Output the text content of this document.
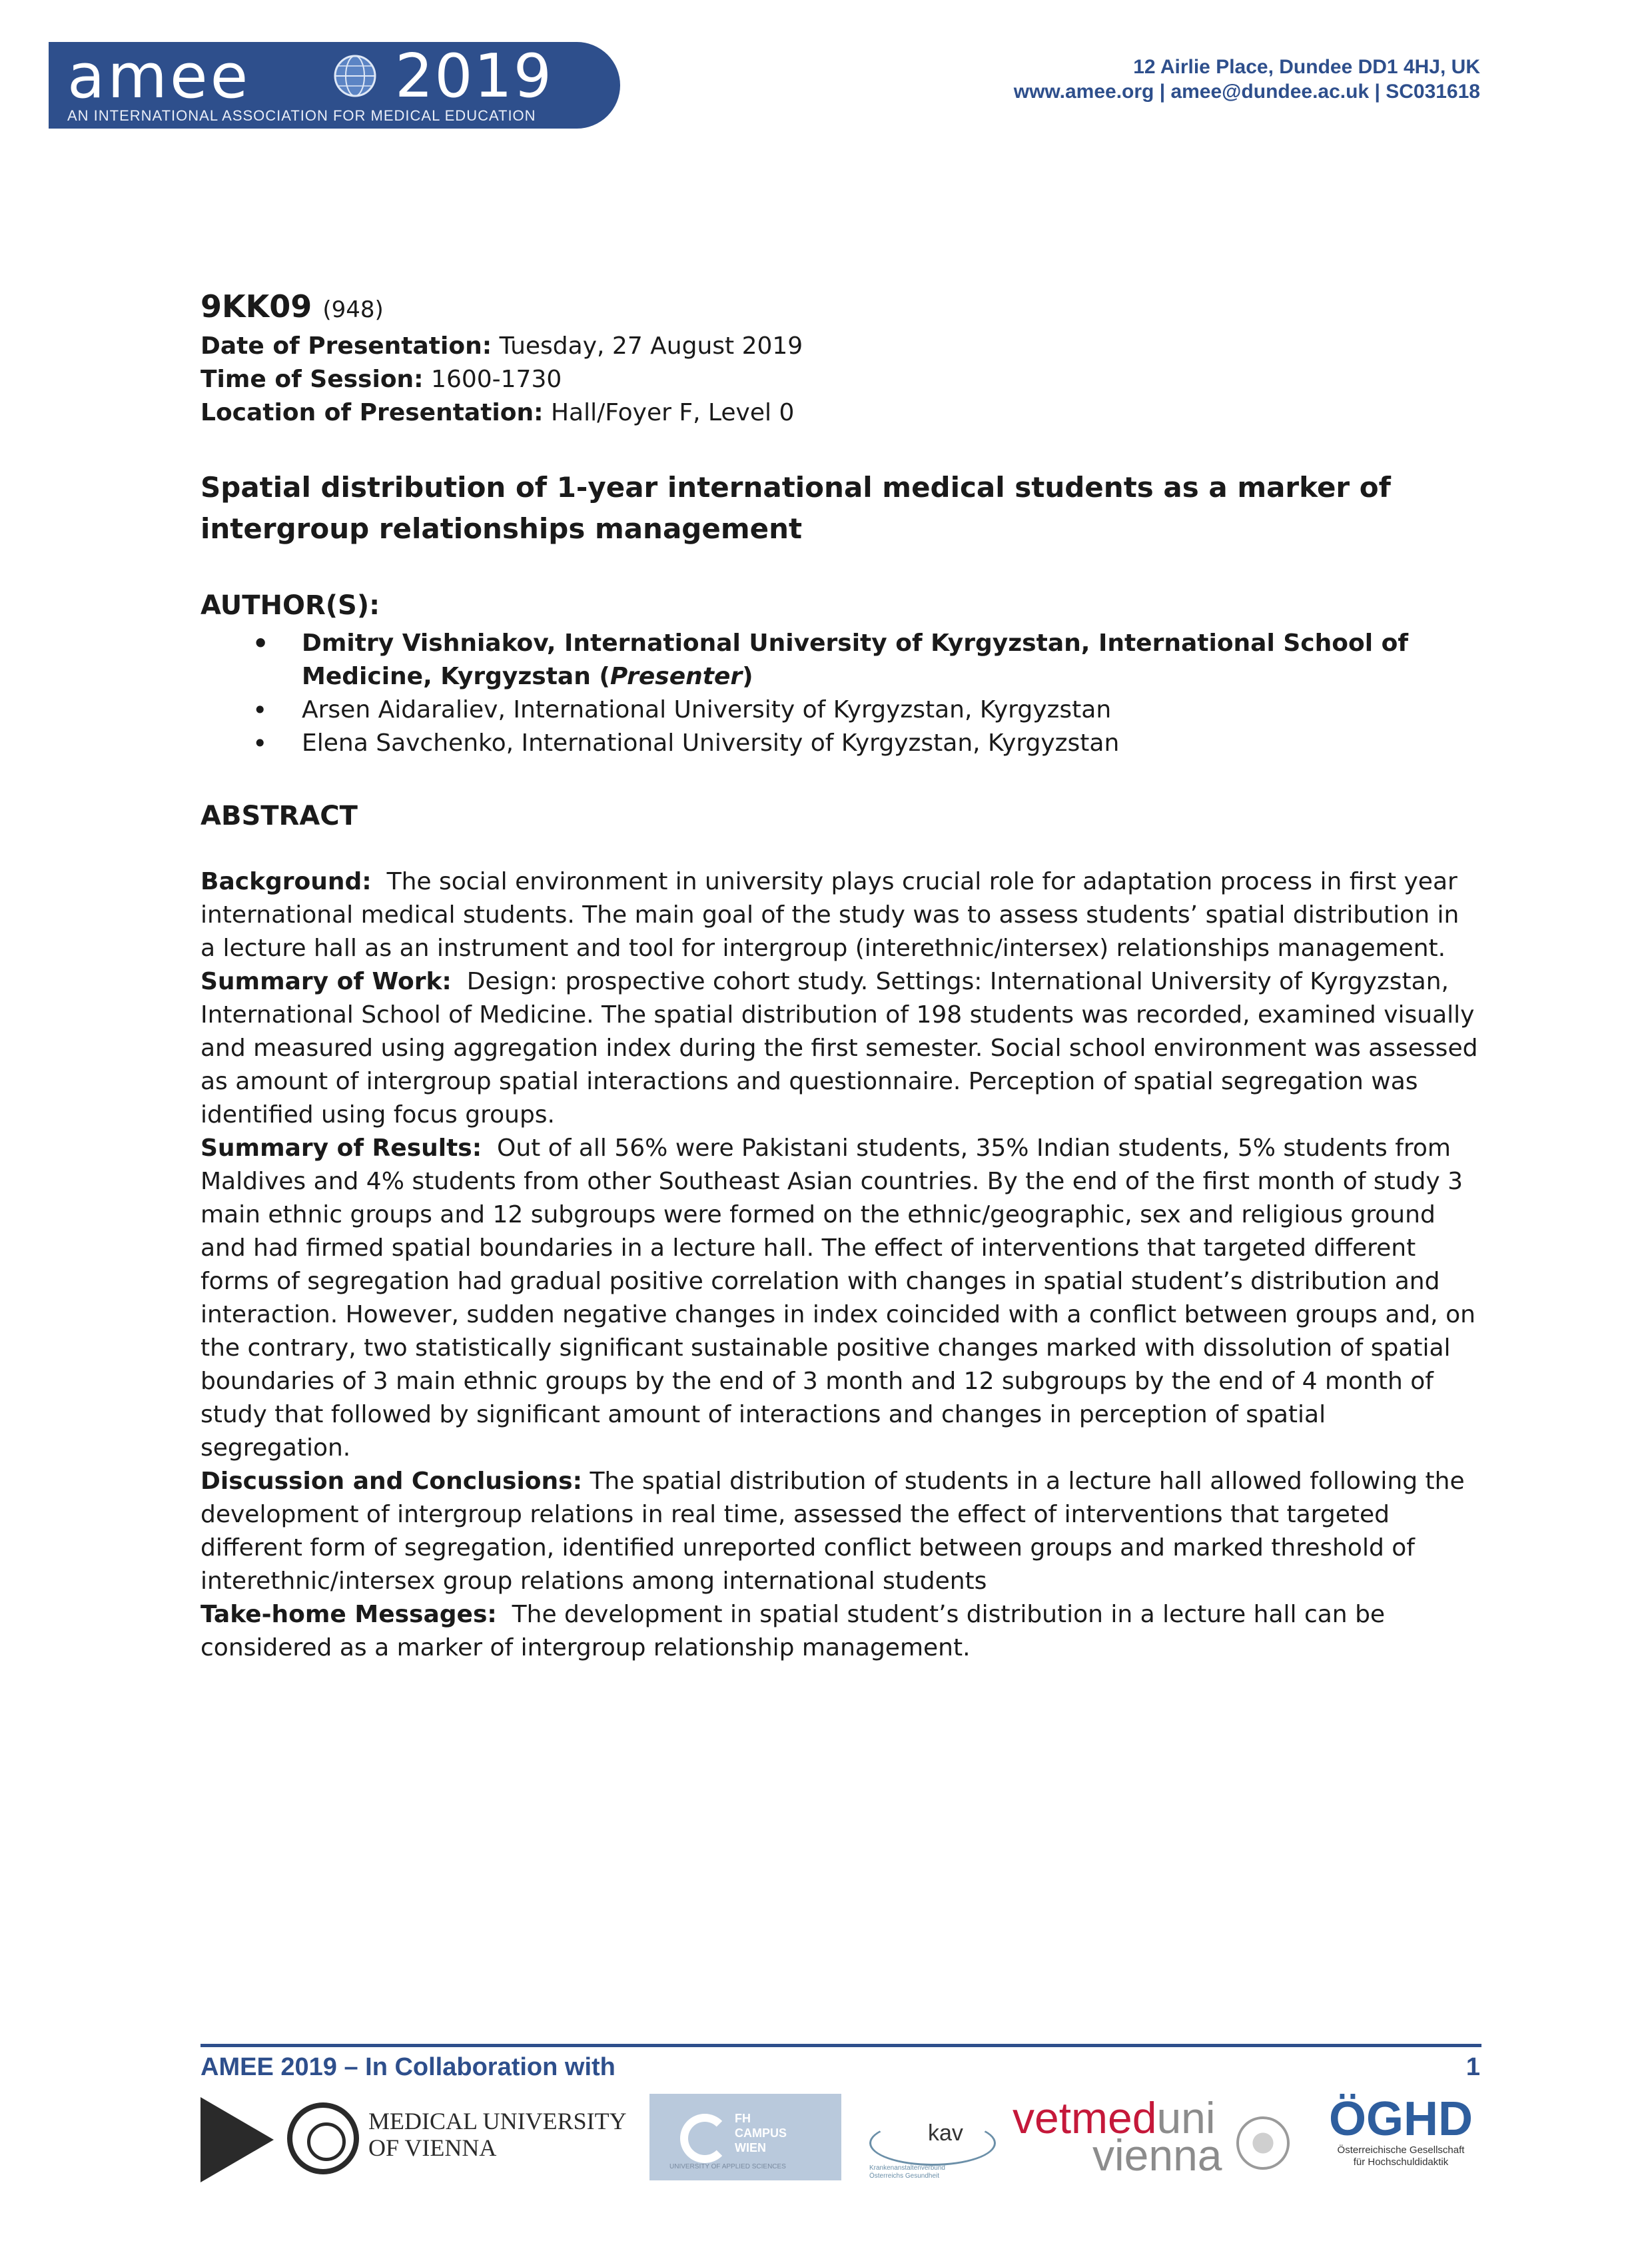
amee 2019
AN INTERNATIONAL ASSOCIATION FOR MEDICAL EDUCATION
12 Airlie Place, Dundee DD1 4HJ, UK
www.amee.org | amee@dundee.ac.uk | SC031618
9KK09 (948)
Date of Presentation: Tuesday, 27 August 2019
Time of Session: 1600-1730
Location of Presentation: Hall/Foyer F, Level 0
Spatial distribution of 1-year international medical students as a marker of intergroup relationships management
AUTHOR(S):
• Dmitry Vishniakov, International University of Kyrgyzstan, International School of Medicine, Kyrgyzstan (Presenter)
• Arsen Aidaraliev, International University of Kyrgyzstan, Kyrgyzstan
• Elena Savchenko, International University of Kyrgyzstan, Kyrgyzstan
ABSTRACT

Background: The social environment in university plays crucial role for adaptation process in first year international medical students. The main goal of the study was to assess students’ spatial distribution in a lecture hall as an instrument and tool for intergroup (interethnic/intersex) relationships management.

Summary of Work: Design: prospective cohort study. Settings: International University of Kyrgyzstan, International School of Medicine. The spatial distribution of 198 students was recorded, examined visually and measured using aggregation index during the first semester. Social school environment was assessed as amount of intergroup spatial interactions and questionnaire. Perception of spatial segregation was identified using focus groups.

Summary of Results: Out of all 56% were Pakistani students, 35% Indian students, 5% students from Maldives and 4% students from other Southeast Asian countries. By the end of the first month of study 3 main ethnic groups and 12 subgroups were formed on the ethnic/geographic, sex and religious ground and had firmed spatial boundaries in a lecture hall. The effect of interventions that targeted different forms of segregation had gradual positive correlation with changes in spatial student’s distribution and interaction. However, sudden negative changes in index coincided with a conflict between groups and, on the contrary, two statistically significant sustainable positive changes marked with dissolution of spatial boundaries of 3 main ethnic groups by the end of 3 month and 12 subgroups by the end of 4 month of study that followed by significant amount of interactions and changes in perception of spatial segregation.

Discussion and Conclusions: The spatial distribution of students in a lecture hall allowed following the development of intergroup relations in real time, assessed the effect of interventions that targeted different form of segregation, identified unreported conflict between groups and marked threshold of interethnic/intersex group relations among international students

Take-home Messages: The development in spatial student’s distribution in a lecture hall can be considered as a marker of intergroup relationship management.

AMEE 2019 – In Collaboration with	1
MEDICAL UNIVERSITY
OF VIENNA
FH
CAMPUS
WIEN
UNIVERSITY OF APPLIED SCIENCES
kav
Krankenanstaltenverbund
Österreichs Gesundheit
vetmeduni
vienna
ÖGHD
Österreichische Gesellschaft
für Hochschuldidaktik
